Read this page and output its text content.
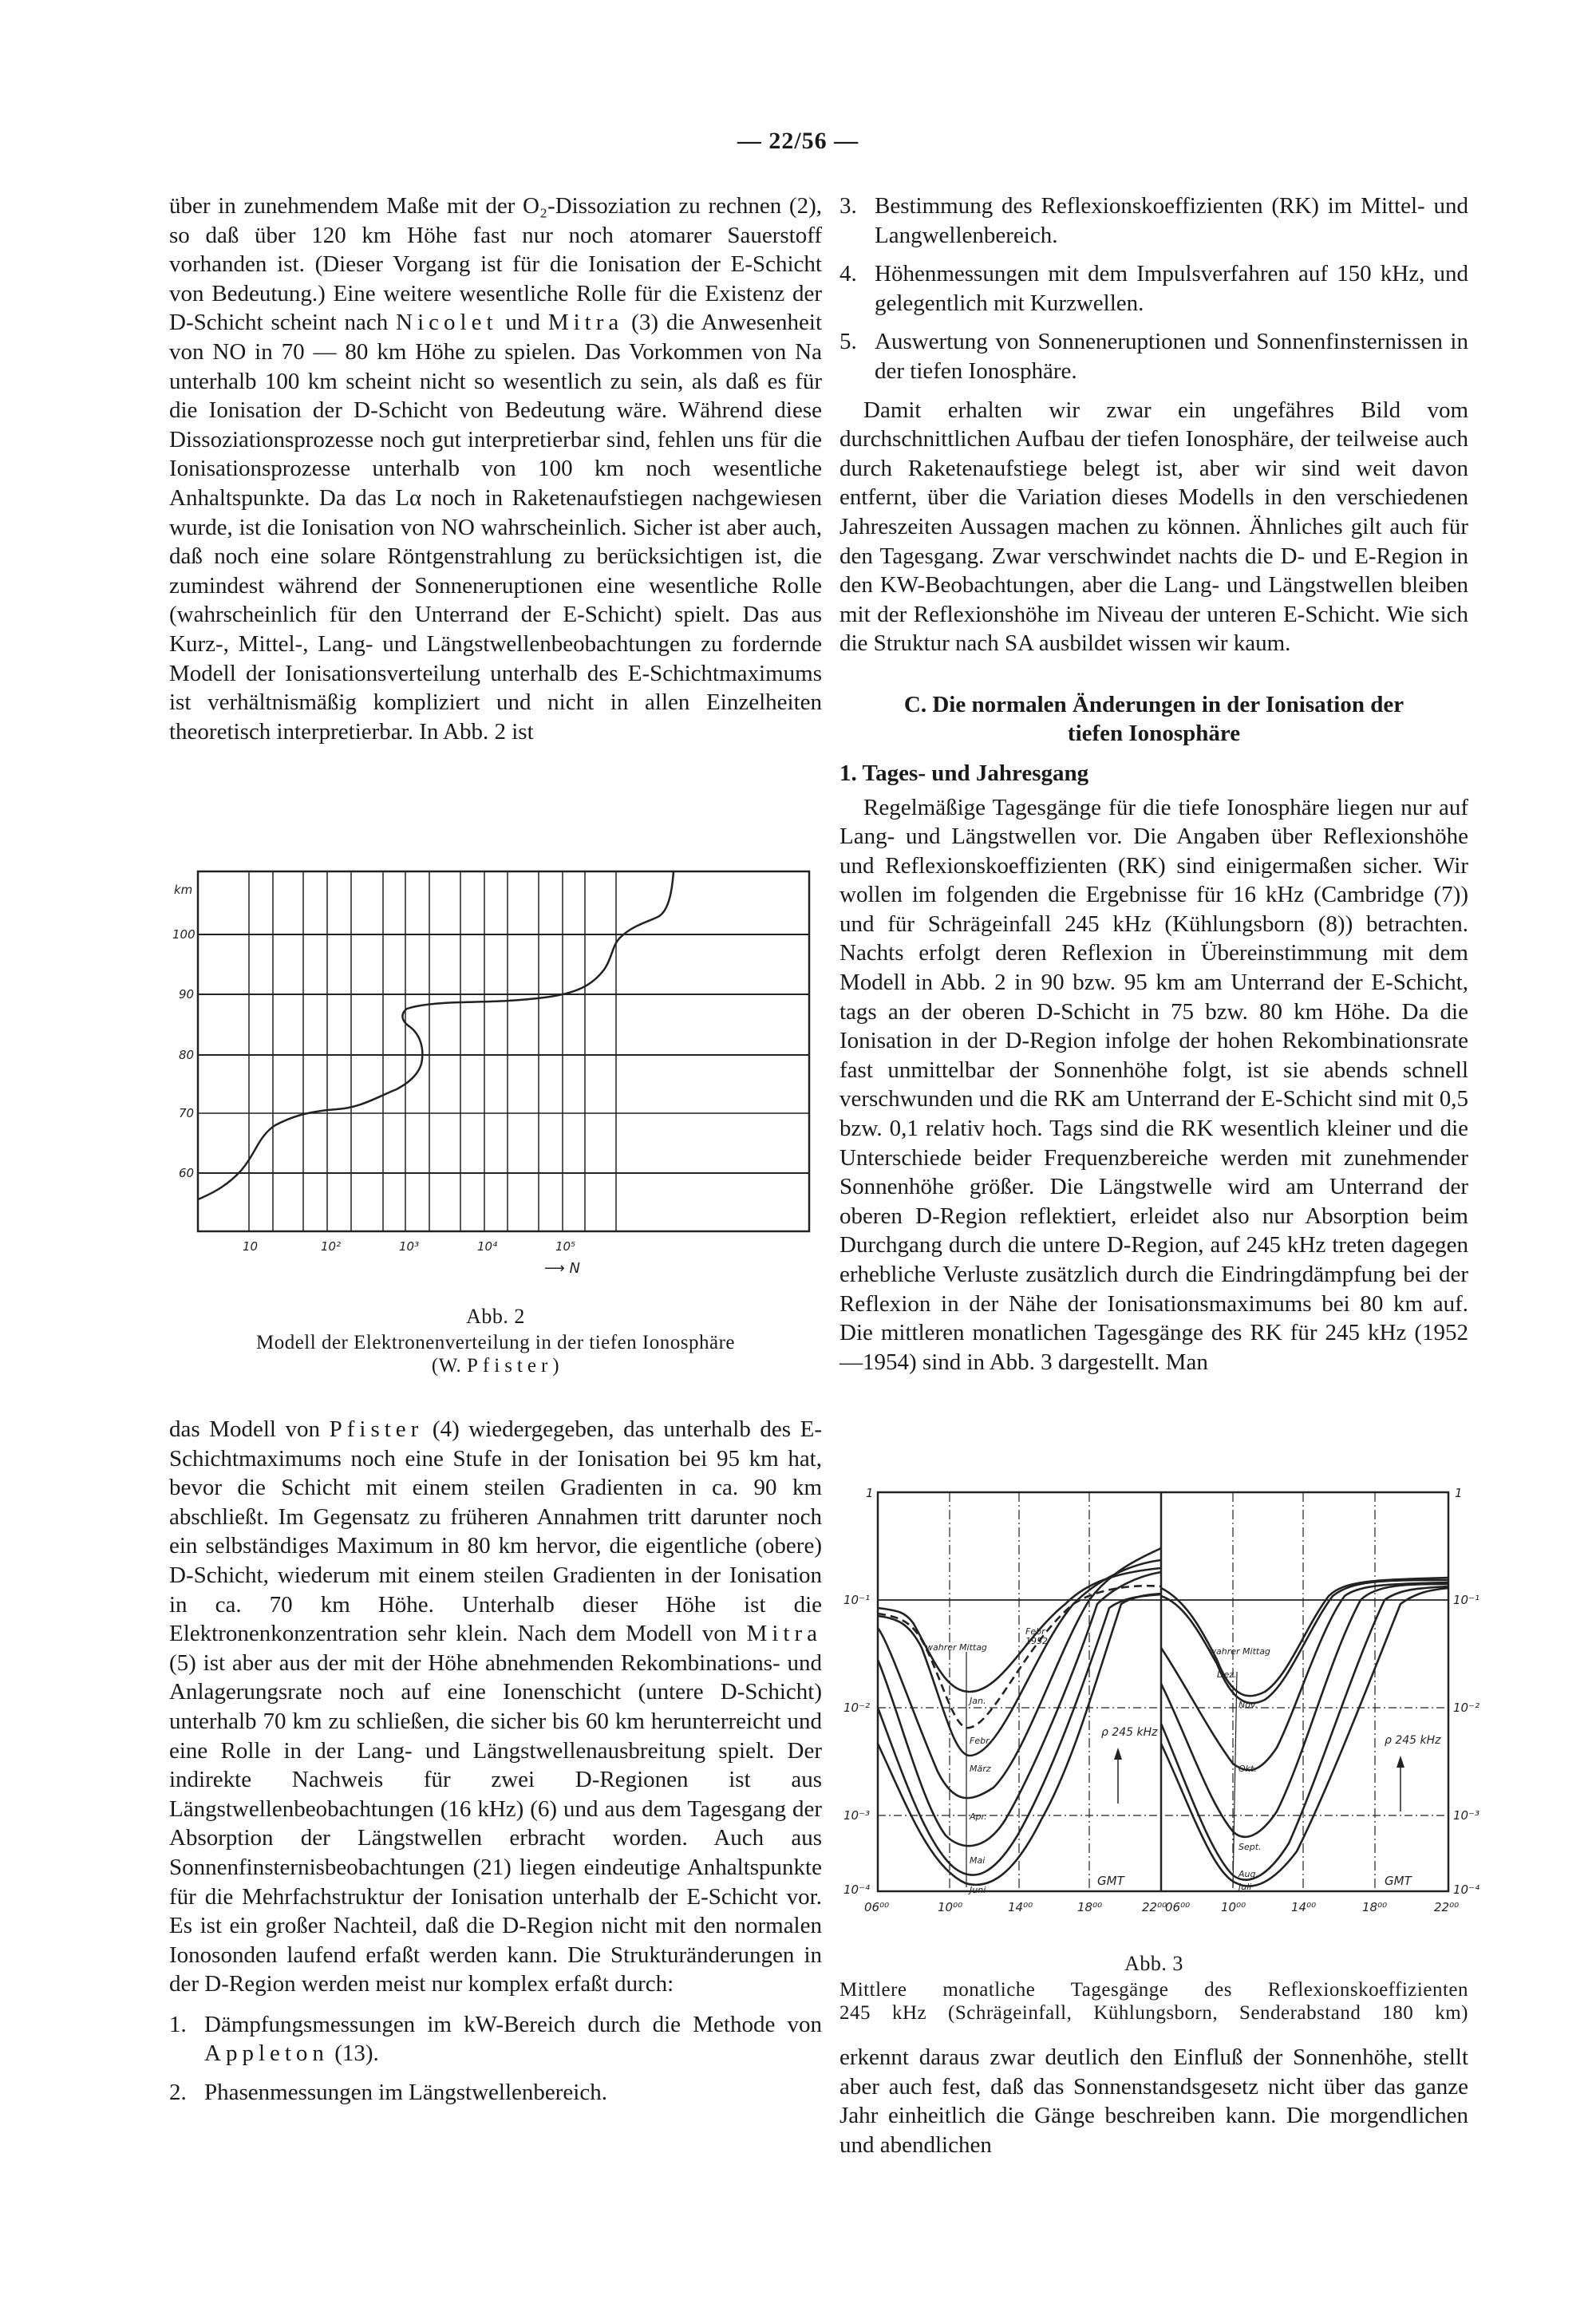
— 22/56 —

über in zunehmendem Maße mit der O₂-Dissoziation zu rechnen (2), so daß über 120 km Höhe fast nur noch atomarer Sauerstoff vorhanden ist. (Dieser Vorgang ist für die Ionisation der E-Schicht von Bedeutung.) Eine weitere wesentliche Rolle für die Existenz der D-Schicht scheint nach Nicolet und Mitra (3) die Anwesenheit von NO in 70 — 80 km Höhe zu spielen. Das Vorkommen von Na unterhalb 100 km scheint nicht so wesentlich zu sein, als daß es für die Ionisation der D-Schicht von Bedeutung wäre. Während diese Dissoziationsprozesse noch gut interpretierbar sind, fehlen uns für die Ionisationsprozesse unterhalb von 100 km noch wesentliche Anhaltspunkte. Da das Lα noch in Raketenaufstiegen nachgewiesen wurde, ist die Ionisation von NO wahrscheinlich. Sicher ist aber auch, daß noch eine solare Röntgenstrahlung zu berücksichtigen ist, die zumindest während der Sonneneruptionen eine wesentliche Rolle (wahrscheinlich für den Unterrand der E-Schicht) spielt. Das aus Kurz-, Mittel-, Lang- und Längstwellenbeobachtungen zu fordernde Modell der Ionisationsverteilung unterhalb des E-Schichtmaximums ist verhältnismäßig kompliziert und nicht in allen Einzelheiten theoretisch interpretierbar. In Abb. 2 ist

km
100
90
80
70
60
10	10²	10³	10⁴	10⁵
⟶ N
Abb. 2
Modell der Elektronenverteilung in der tiefen Ionosphäre
(W. Pfister)

das Modell von Pfister (4) wiedergegeben, das unterhalb des E-Schichtmaximums noch eine Stufe in der Ionisation bei 95 km hat, bevor die Schicht mit einem steilen Gradienten in ca. 90 km abschließt. Im Gegensatz zu früheren Annahmen tritt darunter noch ein selbständiges Maximum in 80 km hervor, die eigentliche (obere) D-Schicht, wiederum mit einem steilen Gradienten in der Ionisation in ca. 70 km Höhe. Unterhalb dieser Höhe ist die Elektronenkonzentration sehr klein. Nach dem Modell von Mitra (5) ist aber aus der mit der Höhe abnehmenden Rekombinations- und Anlagerungsrate noch auf eine Ionenschicht (untere D-Schicht) unterhalb 70 km zu schließen, die sicher bis 60 km herunterreicht und eine Rolle in der Lang- und Längstwellenausbreitung spielt. Der indirekte Nachweis für zwei D-Regionen ist aus Längstwellenbeobachtungen (16 kHz) (6) und aus dem Tagesgang der Absorption der Längstwellen erbracht worden. Auch aus Sonnenfinsternisbeobachtungen (21) liegen eindeutige Anhaltspunkte für die Mehrfachstruktur der Ionisation unterhalb der E-Schicht vor. Es ist ein großer Nachteil, daß die D-Region nicht mit den normalen Ionosonden laufend erfaßt werden kann. Die Strukturänderungen in der D-Region werden meist nur komplex erfaßt durch:

1. Dämpfungsmessungen im kW-Bereich durch die Methode von Appleton (13).
2. Phasenmessungen im Längstwellenbereich.
3. Bestimmung des Reflexionskoeffizienten (RK) im Mittel- und Langwellenbereich.
4. Höhenmessungen mit dem Impulsverfahren auf 150 kHz, und gelegentlich mit Kurzwellen.
5. Auswertung von Sonneneruptionen und Sonnenfinsternissen in der tiefen Ionosphäre.

Damit erhalten wir zwar ein ungefähres Bild vom durchschnittlichen Aufbau der tiefen Ionosphäre, der teilweise auch durch Raketenaufstiege belegt ist, aber wir sind weit davon entfernt, über die Variation dieses Modells in den verschiedenen Jahreszeiten Aussagen machen zu können. Ähnliches gilt auch für den Tagesgang. Zwar verschwindet nachts die D- und E-Region in den KW-Beobachtungen, aber die Lang- und Längstwellen bleiben mit der Reflexionshöhe im Niveau der unteren E-Schicht. Wie sich die Struktur nach SA ausbildet wissen wir kaum.

C. Die normalen Änderungen in der Ionisation der
tiefen Ionosphäre
1. Tages- und Jahresgang

Regelmäßige Tagesgänge für die tiefe Ionosphäre liegen nur auf Lang- und Längstwellen vor. Die Angaben über Reflexionshöhe und Reflexionskoeffizienten (RK) sind einigermaßen sicher. Wir wollen im folgenden die Ergebnisse für 16 kHz (Cambridge (7)) und für Schrägeinfall 245 kHz (Kühlungsborn (8)) betrachten. Nachts erfolgt deren Reflexion in Übereinstimmung mit dem Modell in Abb. 2 in 90 bzw. 95 km am Unterrand der E-Schicht, tags an der oberen D-Schicht in 75 bzw. 80 km Höhe. Da die Ionisation in der D-Region infolge der hohen Rekombinationsrate fast unmittelbar der Sonnenhöhe folgt, ist sie abends schnell verschwunden und die RK am Unterrand der E-Schicht sind mit 0,5 bzw. 0,1 relativ hoch. Tags sind die RK wesentlich kleiner und die Unterschiede beider Frequenzbereiche werden mit zunehmender Sonnenhöhe größer. Die Längstwelle wird am Unterrand der oberen D-Region reflektiert, erleidet also nur Absorption beim Durchgang durch die untere D-Region, auf 245 kHz treten dagegen erhebliche Verluste zusätzlich durch die Eindringdämpfung bei der Reflexion in der Nähe der Ionisationsmaximums bei 80 km auf. Die mittleren monatlichen Tagesgänge des RK für 245 kHz (1952—1954) sind in Abb. 3 dargestellt. Man

1
10⁻¹
10⁻²
10⁻³
10⁻⁴
1
10⁻¹
10⁻²
10⁻³
10⁻⁴
06⁰⁰	10⁰⁰	14⁰⁰	18⁰⁰	22⁰⁰
06⁰⁰	10⁰⁰	14⁰⁰	18⁰⁰	22⁰⁰
GMT	GMT
wahrer Mittag
Jan.
Febr.
März
Apr.
Mai
Juni
Febr
1952
wahrer Mittag
Dez.
Nov.
Okt.
Sept.
Aug.
Juli
ρ 245 kHz
ρ 245 kHz
Abb. 3
Mittlere monatliche Tagesgänge des Reflexionskoeffizienten
245 kHz (Schrägeinfall, Kühlungsborn, Senderabstand 180 km)

erkennt daraus zwar deutlich den Einfluß der Sonnenhöhe, stellt aber auch fest, daß das Sonnenstandsgesetz nicht über das ganze Jahr einheitlich die Gänge beschreiben kann. Die morgendlichen und abendlichen
